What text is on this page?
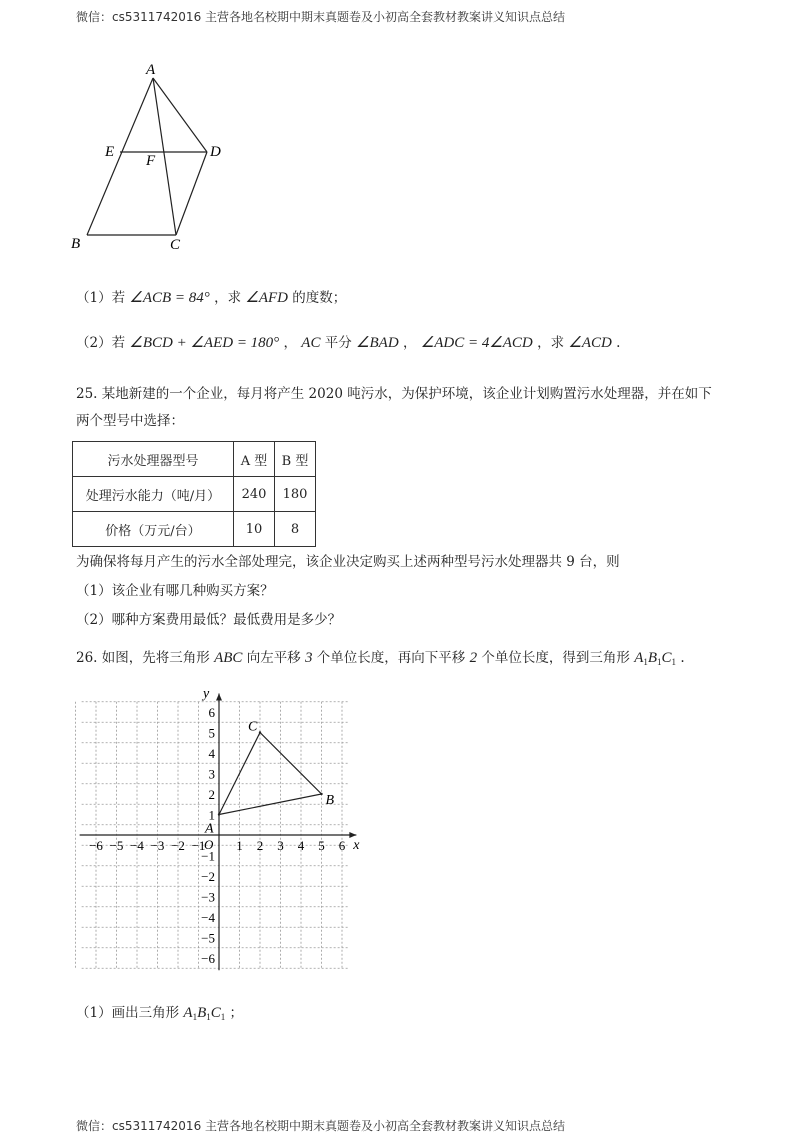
微信：cs5311742016 主营各地名校期中期末真题卷及小初高全套教材教案讲义知识点总结
A
E
F
D
B	C
（1）若 ∠ACB = 84° ，求 ∠AFD 的度数；
（2）若 ∠BCD + ∠AED = 180° ， AC 平分 ∠BAD ， ∠ADC = 4∠ACD ，求 ∠ACD .
25. 某地新建的一个企业，每月将产生 2020 吨污水，为保护环境，该企业计划购置污水处理器，并在如下
两个型号中选择：
污水处理器型号	A 型	B 型
处理污水能力（吨/月）	240	180
价格（万元/台）	10	8
为确保将每月产生的污水全部处理完，该企业决定购买上述两种型号污水处理器共 9 台，则
（1）该企业有哪几种购买方案？
（2）哪种方案费用最低？最低费用是多少？
26. 如图，先将三角形 ABC 向左平移 3 个单位长度，再向下平移 2 个单位长度，得到三角形 $A_1B_1C_1$ .
x
y
O
−6 −5 −4 −3 −2 −1 1 2 3 4 5 6
6
5
4
3
2
1
−1
−2
−3
−4
−5
−6
A
B
C
（1）画出三角形 $A_1B_1C_1$ ；
微信：cs5311742016 主营各地名校期中期末真题卷及小初高全套教材教案讲义知识点总结
